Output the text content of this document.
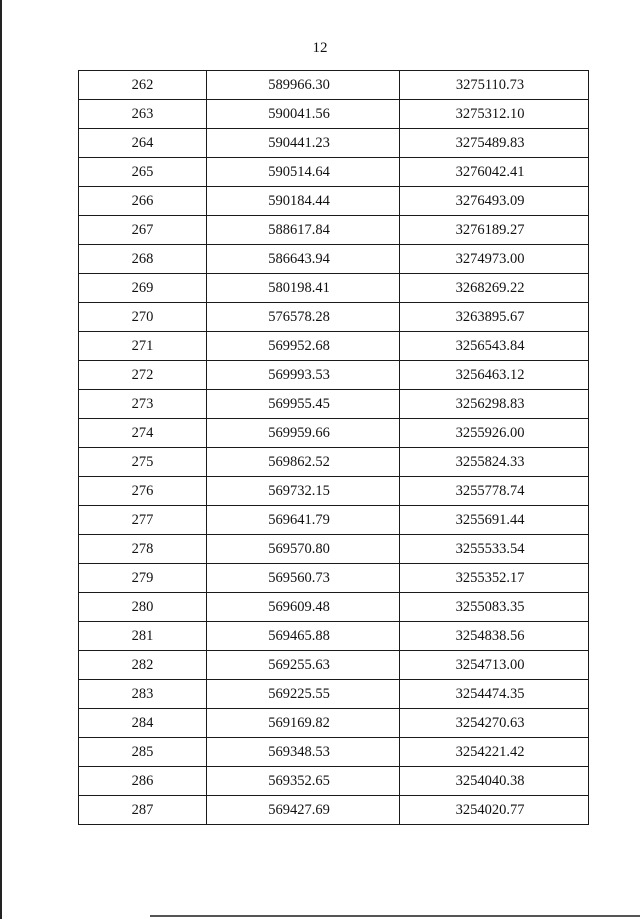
12
262	589966.30	3275110.73
263	590041.56	3275312.10
264	590441.23	3275489.83
265	590514.64	3276042.41
266	590184.44	3276493.09
267	588617.84	3276189.27
268	586643.94	3274973.00
269	580198.41	3268269.22
270	576578.28	3263895.67
271	569952.68	3256543.84
272	569993.53	3256463.12
273	569955.45	3256298.83
274	569959.66	3255926.00
275	569862.52	3255824.33
276	569732.15	3255778.74
277	569641.79	3255691.44
278	569570.80	3255533.54
279	569560.73	3255352.17
280	569609.48	3255083.35
281	569465.88	3254838.56
282	569255.63	3254713.00
283	569225.55	3254474.35
284	569169.82	3254270.63
285	569348.53	3254221.42
286	569352.65	3254040.38
287	569427.69	3254020.77
